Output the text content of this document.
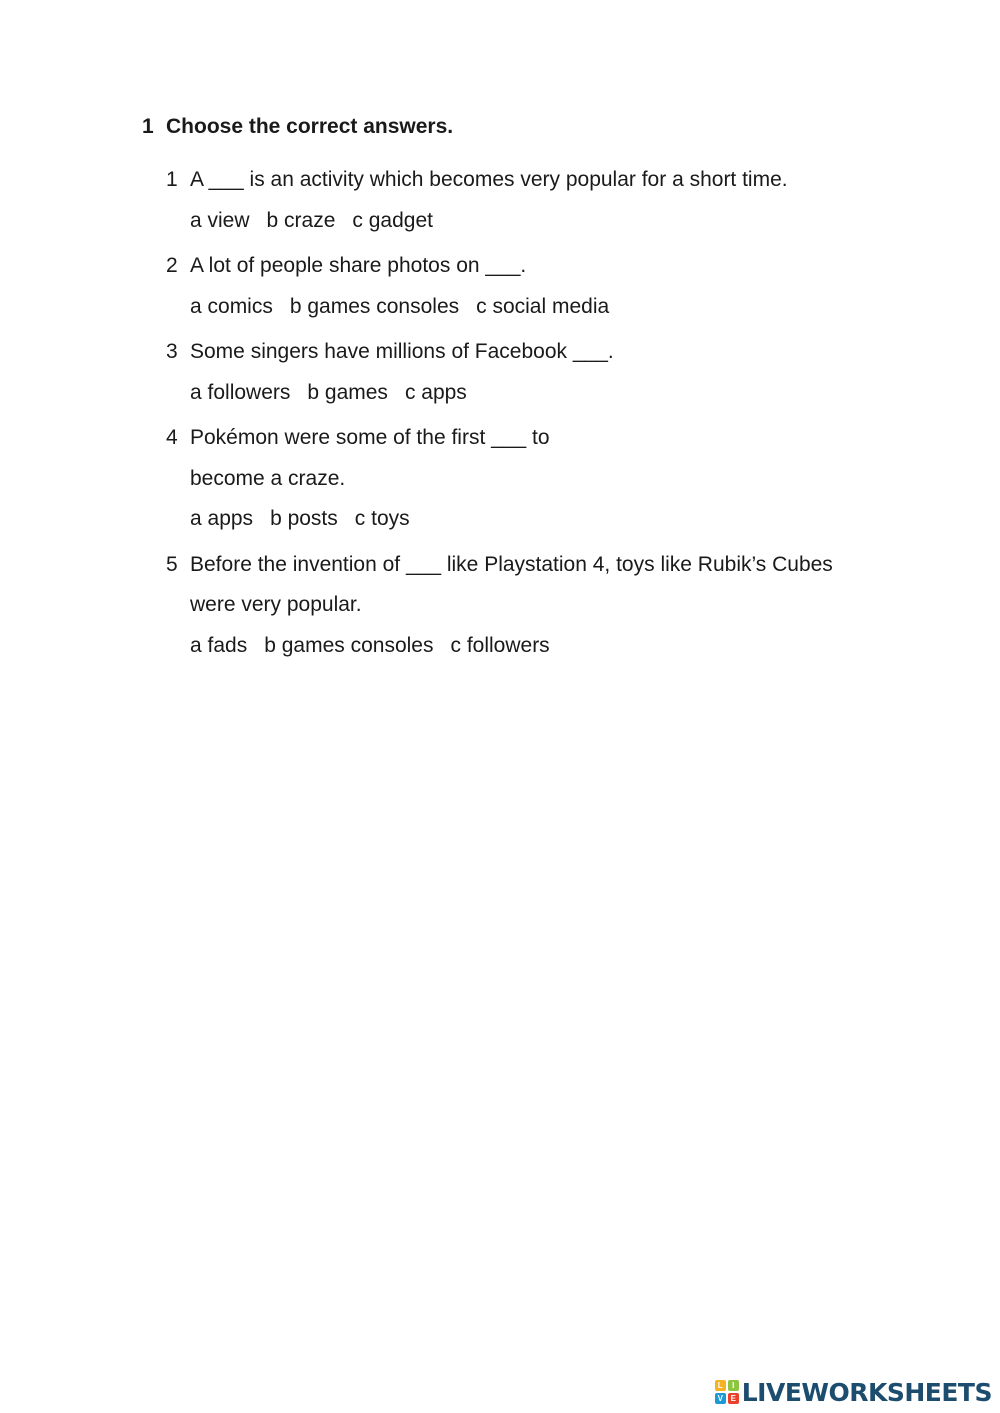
1 Choose the correct answers.
1 A ___ is an activity which becomes very popular for a short time.
a view b craze c gadget
2 A lot of people share photos on ___.
a comics b games consoles c social media
3 Some singers have millions of Facebook ___.
a followers b games c apps
4 Pokémon were some of the first ___ to
become a craze.
a apps b posts c toys
5 Before the invention of ___ like Playstation 4, toys like Rubik’s Cubes
were very popular.
a fads b games consoles c followers
L	I
V E LIVEWORKSHEETS
